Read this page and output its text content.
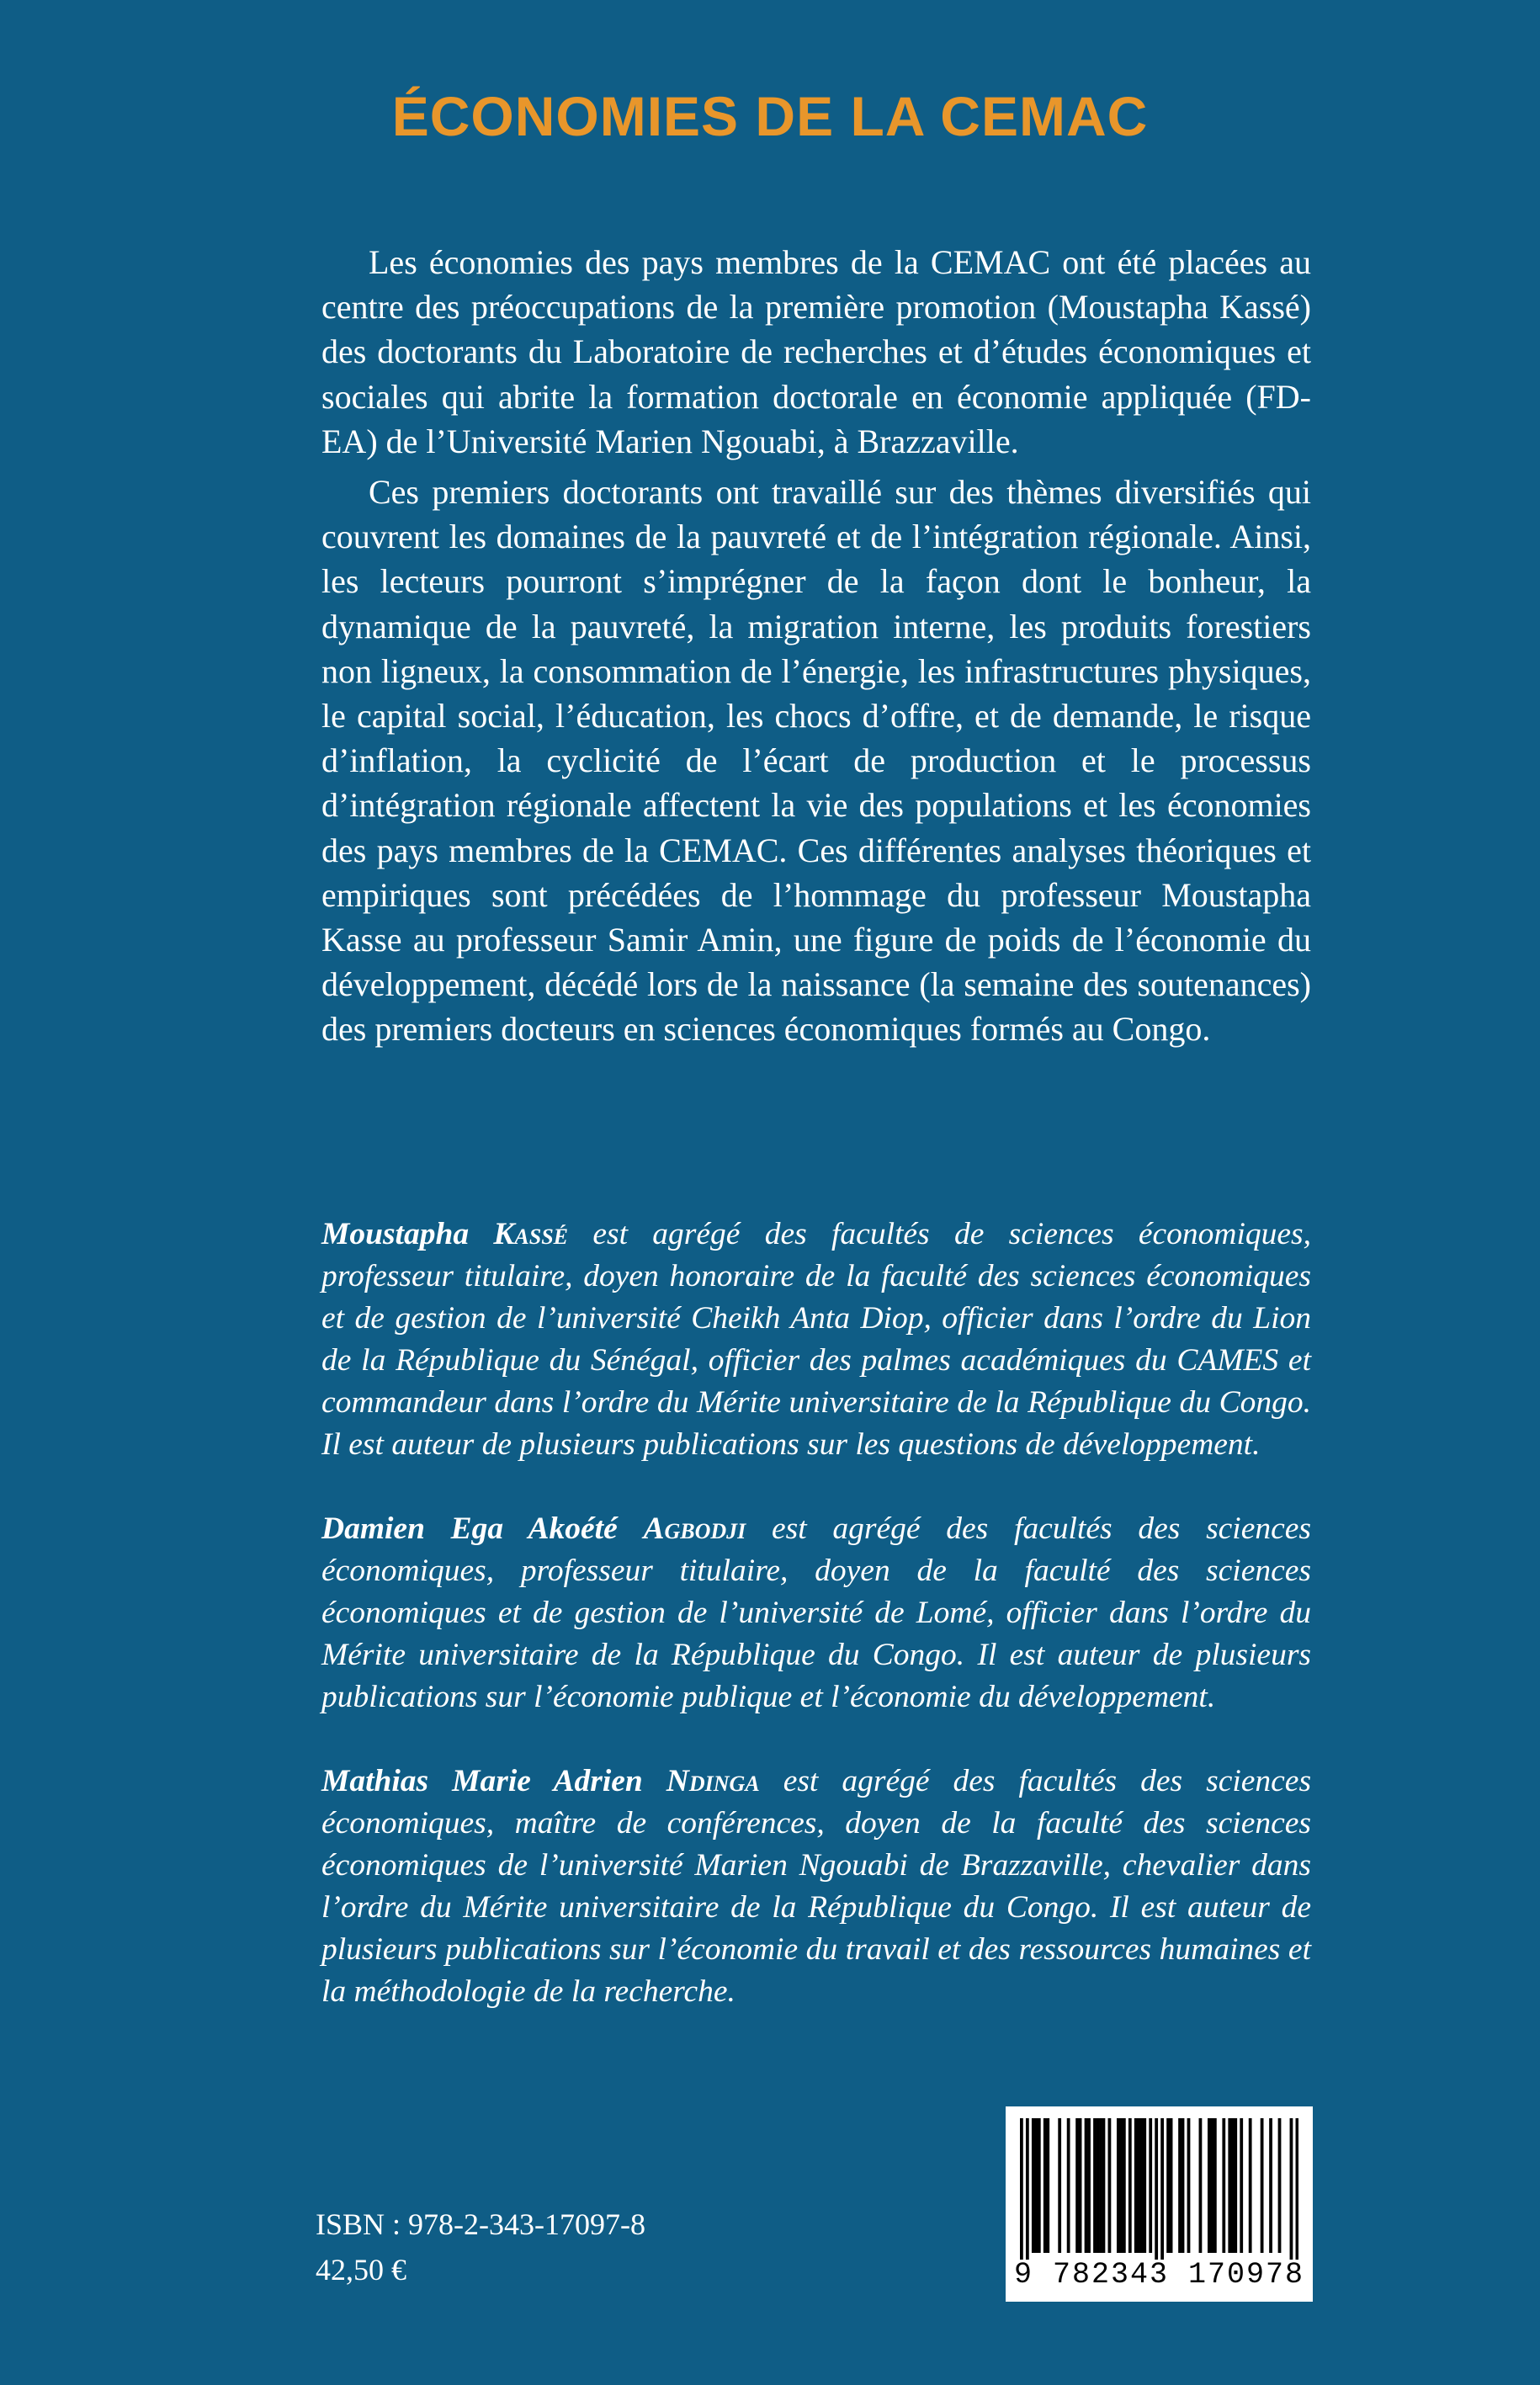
ÉCONOMIES DE LA CEMAC

Les économies des pays membres de la CEMAC ont été placées au centre des préoccupations de la première promotion (Moustapha Kassé) des doctorants du Laboratoire de recherches et d’études économiques et sociales qui abrite la formation doctorale en économie appliquée (FD-EA) de l’Université Marien Ngouabi, à Brazzaville.

Ces premiers doctorants ont travaillé sur des thèmes diversifiés qui couvrent les domaines de la pauvreté et de l’intégration régionale. Ainsi, les lecteurs pourront s’imprégner de la façon dont le bonheur, la dynamique de la pauvreté, la migration interne, les produits forestiers non ligneux, la consommation de l’énergie, les infrastructures physiques, le capital social, l’éducation, les chocs d’offre, et de demande, le risque d’inflation, la cyclicité de l’écart de production et le processus d’intégration régionale affectent la vie des populations et les économies des pays membres de la CEMAC. Ces différentes analyses théoriques et empiriques sont précédées de l’hommage du professeur Moustapha Kasse au professeur Samir Amin, une figure de poids de l’économie du développement, décédé lors de la naissance (la semaine des soutenances) des premiers docteurs en sciences économiques formés au Congo.

Moustapha Kassé est agrégé des facultés de sciences économiques, professeur titulaire, doyen honoraire de la faculté des sciences économiques et de gestion de l’université Cheikh Anta Diop, officier dans l’ordre du Lion de la République du Sénégal, officier des palmes académiques du CAMES et commandeur dans l’ordre du Mérite universitaire de la République du Congo. Il est auteur de plusieurs publications sur les questions de développement.

Damien Ega Akoété Agbodji est agrégé des facultés des sciences économiques, professeur titulaire, doyen de la faculté des sciences économiques et de gestion de l’université de Lomé, officier dans l’ordre du Mérite universitaire de la République du Congo. Il est auteur de plusieurs publications sur l’économie publique et l’économie du développement.

Mathias Marie Adrien Ndinga est agrégé des facultés des sciences économiques, maître de conférences, doyen de la faculté des sciences économiques de l’université Marien Ngouabi de Brazzaville, chevalier dans l’ordre du Mérite universitaire de la République du Congo. Il est auteur de plusieurs publications sur l’économie du travail et des ressources humaines et la méthodologie de la recherche.

ISBN : 978-2-343-17097-8
42,50 €	9 782343 170978
